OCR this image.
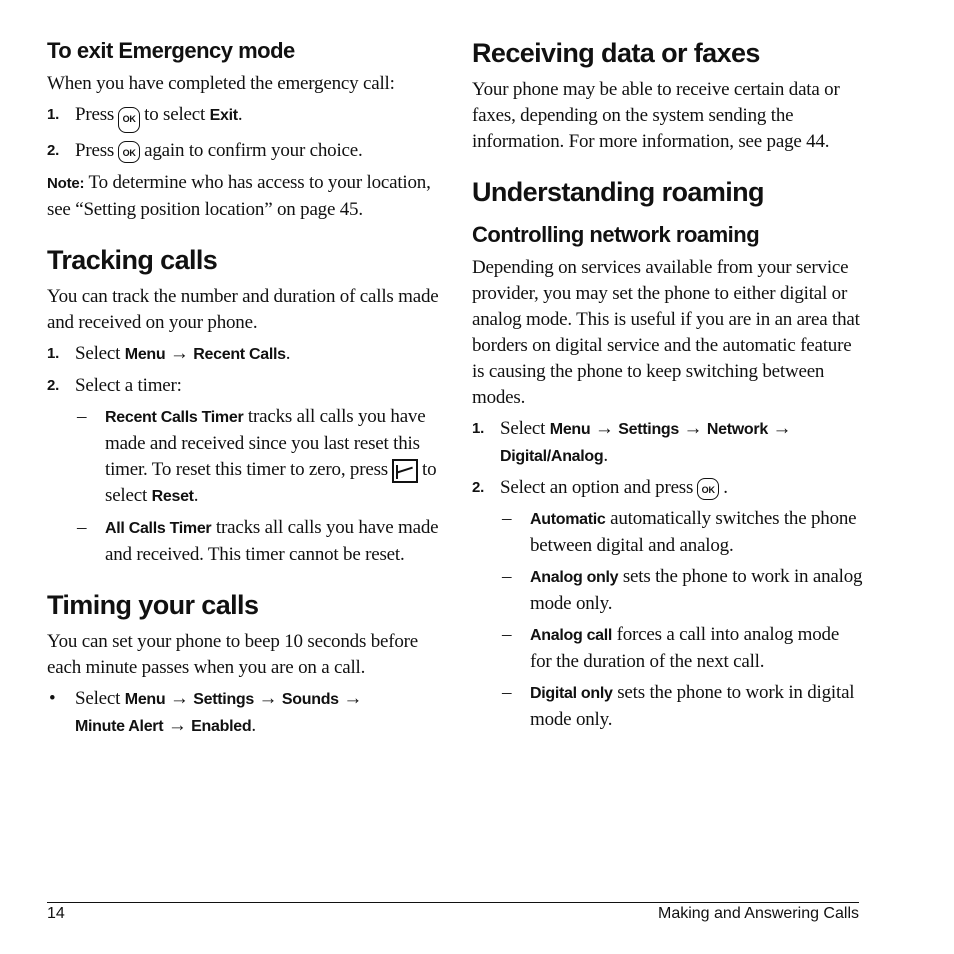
To exit Emergency mode

When you have completed the emergency call:

1. Press OK to select Exit.

2. Press OK again to confirm your choice.

Note: To determine who has access to your location, see “Setting position location” on page 45.

Tracking calls

You can track the number and duration of calls made and received on your phone.

1. Select Menu → Recent Calls.

2. Select a timer:

– Recent Calls Timer tracks all calls you have made and received since you last reset this timer. To reset this timer to zero, press to select Reset.

– All Calls Timer tracks all calls you have made and received. This timer cannot be reset.

Timing your calls

You can set your phone to beep 10 seconds before each minute passes when you are on a call.

• Select Menu → Settings → Sounds →
Minute Alert → Enabled.

Receiving data or faxes

Your phone may be able to receive certain data or faxes, depending on the system sending the information. For more information, see page 44.

Understanding roaming
Controlling network roaming

Depending on services available from your service provider, you may set the phone to either digital or analog mode. This is useful if you are in an area that borders on digital service and the automatic feature is causing the phone to keep switching between modes.

1. Select Menu → Settings → Network →
Digital/Analog.

2. Select an option and press OK .

– Automatic automatically switches the phone between digital and analog.

– Analog only sets the phone to work in analog mode only.

– Analog call forces a call into analog mode for the duration of the next call.

– Digital only sets the phone to work in digital mode only.

14	Making and Answering Calls
